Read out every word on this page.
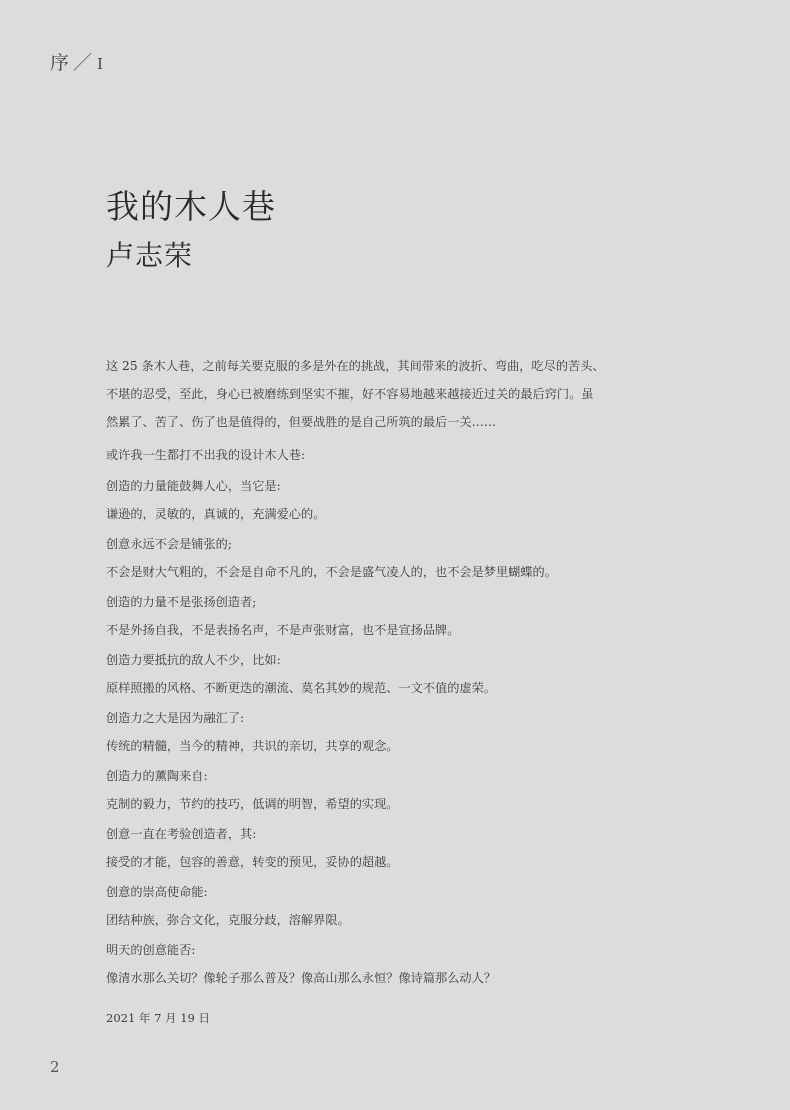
序 ／ I
我的木人巷
卢志荣
这 25 条木人巷，之前每关要克服的多是外在的挑战，其间带来的波折、弯曲，吃尽的苦头、
不堪的忍受，至此，身心已被磨练到坚实不摧，好不容易地越来越接近过关的最后窍门。虽
然累了、苦了、伤了也是值得的，但要战胜的是自己所筑的最后一关……
或许我一生都打不出我的设计木人巷:
创造的力量能鼓舞人心，当它是:
谦逊的，灵敏的，真诚的，充满爱心的。
创意永远不会是铺张的;
不会是财大气粗的，不会是自命不凡的，不会是盛气凌人的，也不会是梦里蝴蝶的。
创造的力量不是张扬创造者;
不是外扬自我，不是表扬名声，不是声张财富，也不是宣扬品牌。
创造力要抵抗的敌人不少，比如:
原样照搬的风格、不断更迭的潮流、莫名其妙的规范、一文不值的虚荣。
创造力之大是因为融汇了:
传统的精髓，当今的精神，共识的亲切，共享的观念。
创造力的薰陶来自:
克制的毅力，节约的技巧，低调的明智，希望的实现。
创意一直在考验创造者，其:
接受的才能，包容的善意，转变的预见，妥协的超越。
创意的崇高使命能:
团结种族，弥合文化，克服分歧，溶解界限。
明天的创意能否:
像清水那么关切？像轮子那么普及？像高山那么永恒？像诗篇那么动人？
2021 年 7 月 19 日
2
